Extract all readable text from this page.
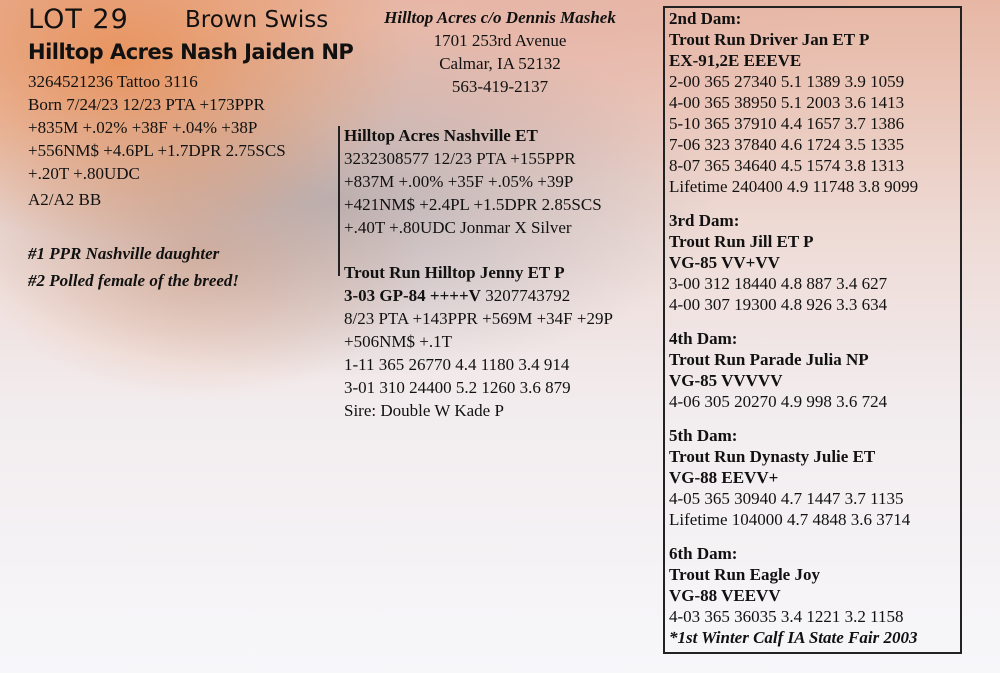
LOT 29 Brown Swiss
Hilltop Acres Nash Jaiden NP
3264521236 Tattoo 3116
Born 7/24/23 12/23 PTA +173PPR
+835M +.02% +38F +.04% +38P
+556NM$ +4.6PL +1.7DPR 2.75SCS
+.20T +.80UDC
A2/A2 BB
#1 PPR Nashville daughter
#2 Polled female of the breed!
Hilltop Acres c/o Dennis Mashek
1701 253rd Avenue
Calmar, IA 52132
563-419-2137
Hilltop Acres Nashville ET
3232308577 12/23 PTA +155PPR
+837M +.00% +35F +.05% +39P
+421NM$ +2.4PL +1.5DPR 2.85SCS
+.40T +.80UDC Jonmar X Silver
Trout Run Hilltop Jenny ET P
3-03 GP-84 ++++V 3207743792
8/23 PTA +143PPR +569M +34F +29P
+506NM$ +.1T
1-11 365 26770 4.4 1180 3.4 914
3-01 310 24400 5.2 1260 3.6 879
Sire: Double W Kade P
2nd Dam:
Trout Run Driver Jan ET P
EX-91,2E EEEVE
2-00 365 27340 5.1 1389 3.9 1059
4-00 365 38950 5.1 2003 3.6 1413
5-10 365 37910 4.4 1657 3.7 1386
7-06 323 37840 4.6 1724 3.5 1335
8-07 365 34640 4.5 1574 3.8 1313
Lifetime 240400 4.9 11748 3.8 9099
3rd Dam:
Trout Run Jill ET P
VG-85 VV+VV
3-00 312 18440 4.8 887 3.4 627
4-00 307 19300 4.8 926 3.3 634
4th Dam:
Trout Run Parade Julia NP
VG-85 VVVVV
4-06 305 20270 4.9 998 3.6 724
5th Dam:
Trout Run Dynasty Julie ET
VG-88 EEVV+
4-05 365 30940 4.7 1447 3.7 1135
Lifetime 104000 4.7 4848 3.6 3714
6th Dam:
Trout Run Eagle Joy
VG-88 VEEVV
4-03 365 36035 3.4 1221 3.2 1158
*1st Winter Calf IA State Fair 2003
